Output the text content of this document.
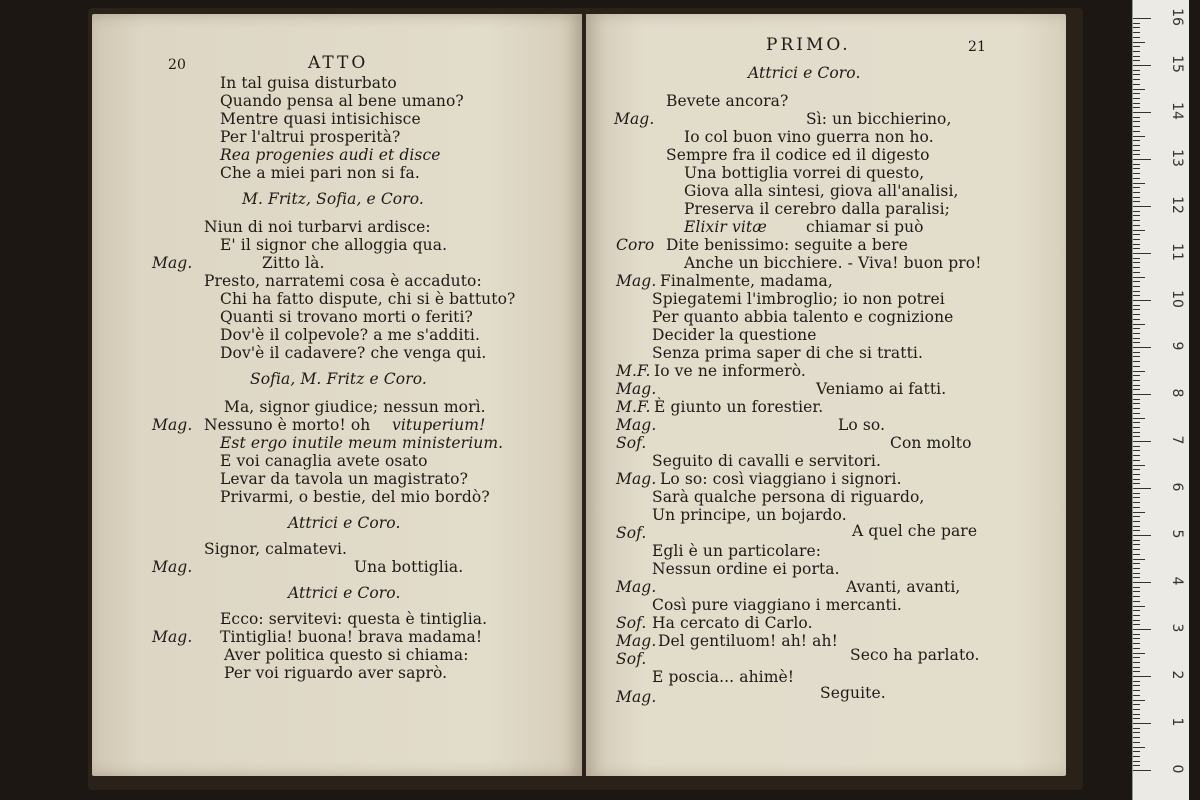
20	ATTO
In tal guisa disturbato
Quando pensa al bene umano?
Mentre quasi intisichisce
Per l'altrui prosperità?
Rea progenies audi et disce
Che a miei pari non si fa.
M. Fritz, Sofia, e Coro.
Niun di noi turbarvi ardisce:
E' il signor che alloggia qua.
Mag.	Zitto là.
Presto, narratemi cosa è accaduto:
Chi ha fatto dispute, chi si è battuto?
Quanti si trovano morti o feriti?
Dov'è il colpevole? a me s'additi.
Dov'è il cadavere? che venga qui.
Sofia, M. Fritz e Coro.
Ma, signor giudice; nessun morì.
Mag. Nessuno è morto! oh vituperium!
Est ergo inutile meum ministerium.
E voi canaglia avete osato
Levar da tavola un magistrato?
Privarmi, o bestie, del mio bordò?
Attrici e Coro.
Signor, calmatevi.
Mag.	Una bottiglia.
Attrici e Coro.
Ecco: servitevi: questa è tintiglia.
Mag. Tintiglia! buona! brava madama!
Aver politica questo si chiama:
Per voi riguardo aver saprò.
PRIMO.	21
Attrici e Coro.
Bevete ancora?
Mag.	Sì: un bicchierino,
Io col buon vino guerra non ho.
Sempre fra il codice ed il digesto
Una bottiglia vorrei di questo,
Giova alla sintesi, giova all'analisi,
Preserva il cerebro dalla paralisi;
Elixir vitæ	chiamar si può
Coro Dite benissimo: seguite a bere
Anche un bicchiere. - Viva! buon pro!
Mag. Finalmente, madama,
Spiegatemi l'imbroglio; io non potrei
Per quanto abbia talento e cognizione
Decider la questione
Senza prima saper di che si tratti.
M.F. Io ve ne informerò.
Mag.	Veniamo ai fatti.
M.F. È giunto un forestier.
Mag.	Lo so.
Sof.	Con molto
Seguito di cavalli e servitori.
Mag. Lo so: così viaggiano i signori.
Sarà qualche persona di riguardo,
Un principe, un bojardo.
Sof.	A quel che pare
Egli è un particolare:
Nessun ordine ei porta.
Mag.	Avanti, avanti,
Così pure viaggiano i mercanti.
Sof. Ha cercato di Carlo.
Mag. Del gentiluom! ah! ah!
Sof.	Seco ha parlato.
E poscia... ahimè!
Mag.	Seguite.
0
1
2
3
4
5
6
7
8
9
10
11
12
13
14
15
16
